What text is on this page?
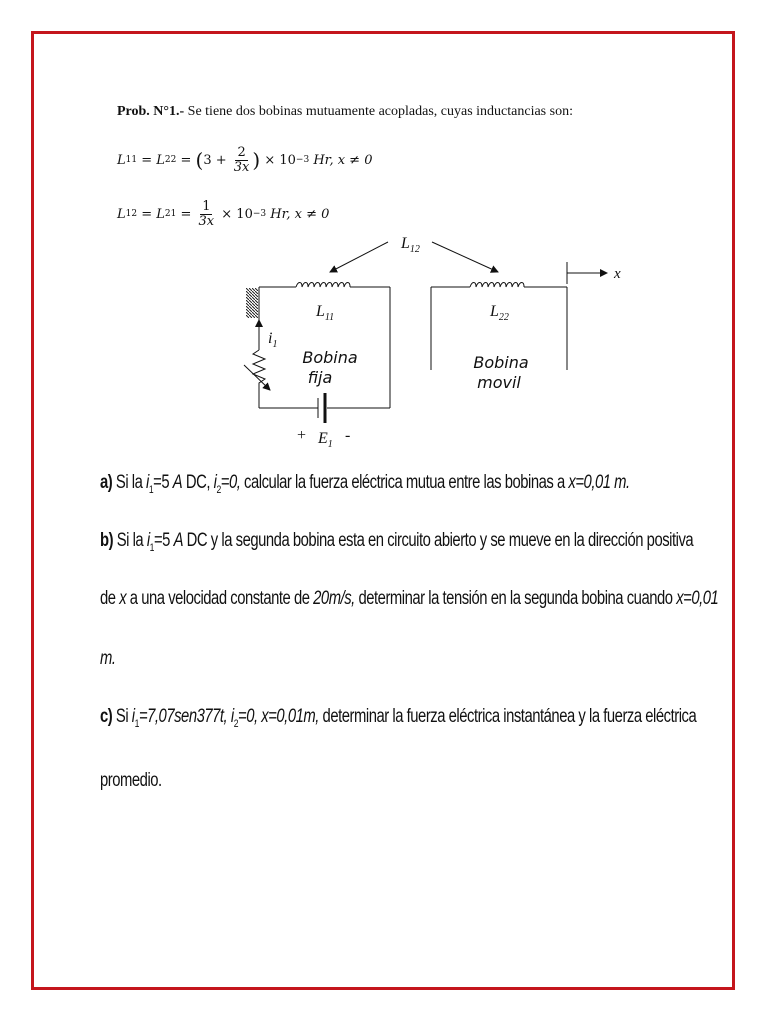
Prob. N°1.- Se tiene dos bobinas mutuamente acopladas, cuyas inductancias son:
L 11 = L 22 = ( $3 + \frac{2}{3x}$ ) × 10 −3 Hr, x ≠ 0
L 12 = L $21 = \frac{1}{3x} \times 10 -3$ Hr, x ≠ 0
$L_{12}$
$L_{11}$	$L_{22}$
$i_1$
x
Bobina
fija
Bobina
movil
+ $E_1$
-
a) Si la $i_1=5$ A DC, $i_2=0$, calcular la fuerza eléctrica mutua entre las bobinas a x=0,01 m.
b) Si la $i_1=5$ A DC y la segunda bobina esta en circuito abierto y se mueve en la dirección positiva
de x a una velocidad constante de 20m/s, determinar la tensión en la segunda bobina cuando x=0,01
m.
c) Si $i_1=7,07sen377t$, $i_2=0$, x=0,01m, determinar la fuerza eléctrica instantánea y la fuerza eléctrica
promedio.
